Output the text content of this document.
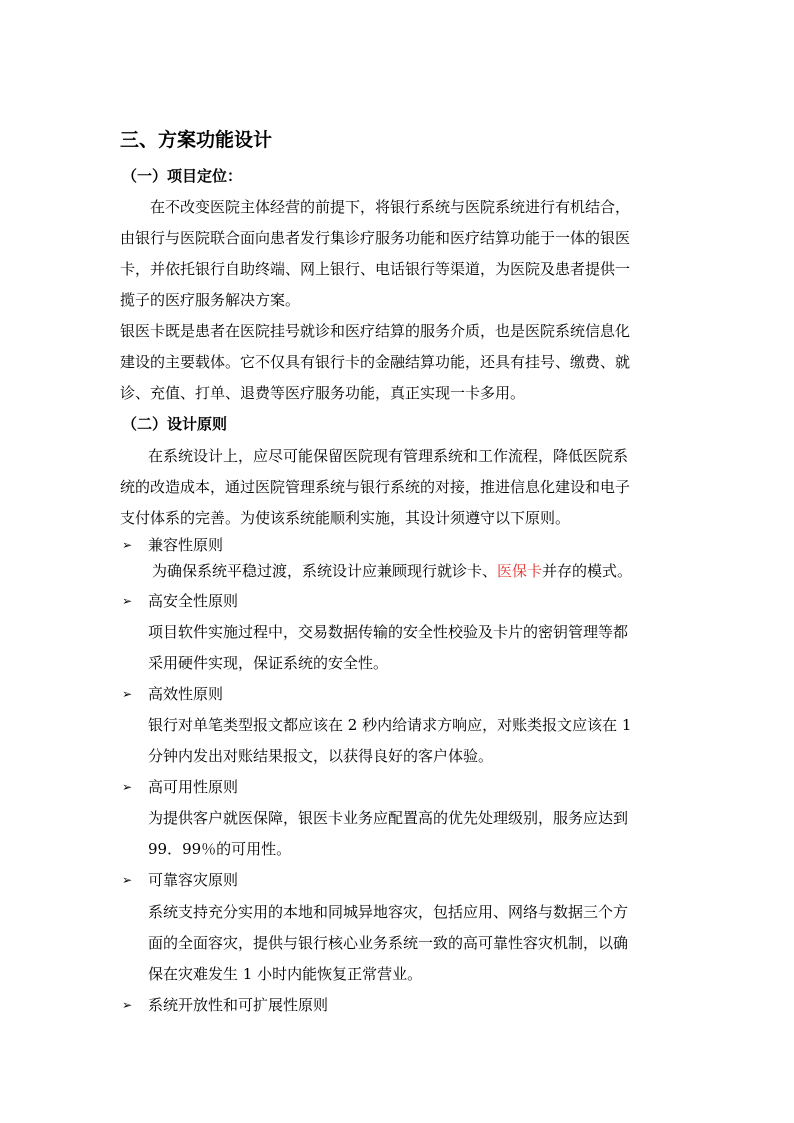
三、方案功能设计
（一）项目定位：
在不改变医院主体经营的前提下，将银行系统与医院系统进行有机结合，
由银行与医院联合面向患者发行集诊疗服务功能和医疗结算功能于一体的银医
卡，并依托银行自助终端、网上银行、电话银行等渠道，为医院及患者提供一
揽子的医疗服务解决方案。
银医卡既是患者在医院挂号就诊和医疗结算的服务介质，也是医院系统信息化
建设的主要载体。它不仅具有银行卡的金融结算功能，还具有挂号、缴费、就
诊、充值、打单、退费等医疗服务功能，真正实现一卡多用。
（二）设计原则
在系统设计上，应尽可能保留医院现有管理系统和工作流程，降低医院系
统的改造成本，通过医院管理系统与银行系统的对接，推进信息化建设和电子
支付体系的完善。为使该系统能顺利实施，其设计须遵守以下原则。
➢ 兼容性原则
为确保系统平稳过渡，系统设计应兼顾现行就诊卡、医保卡并存的模式。
➢ 高安全性原则
项目软件实施过程中，交易数据传输的安全性校验及卡片的密钥管理等都
采用硬件实现，保证系统的安全性。
➢ 高效性原则
银行对单笔类型报文都应该在 2 秒内给请求方响应，对账类报文应该在 1
分钟内发出对账结果报文，以获得良好的客户体验。
➢ 高可用性原则
为提供客户就医保障，银医卡业务应配置高的优先处理级别，服务应达到
99．99％的可用性。
➢ 可靠容灾原则
系统支持充分实用的本地和同城异地容灾，包括应用、网络与数据三个方
面的全面容灾，提供与银行核心业务系统一致的高可靠性容灾机制，以确
保在灾难发生 1 小时内能恢复正常营业。
➢ 系统开放性和可扩展性原则
